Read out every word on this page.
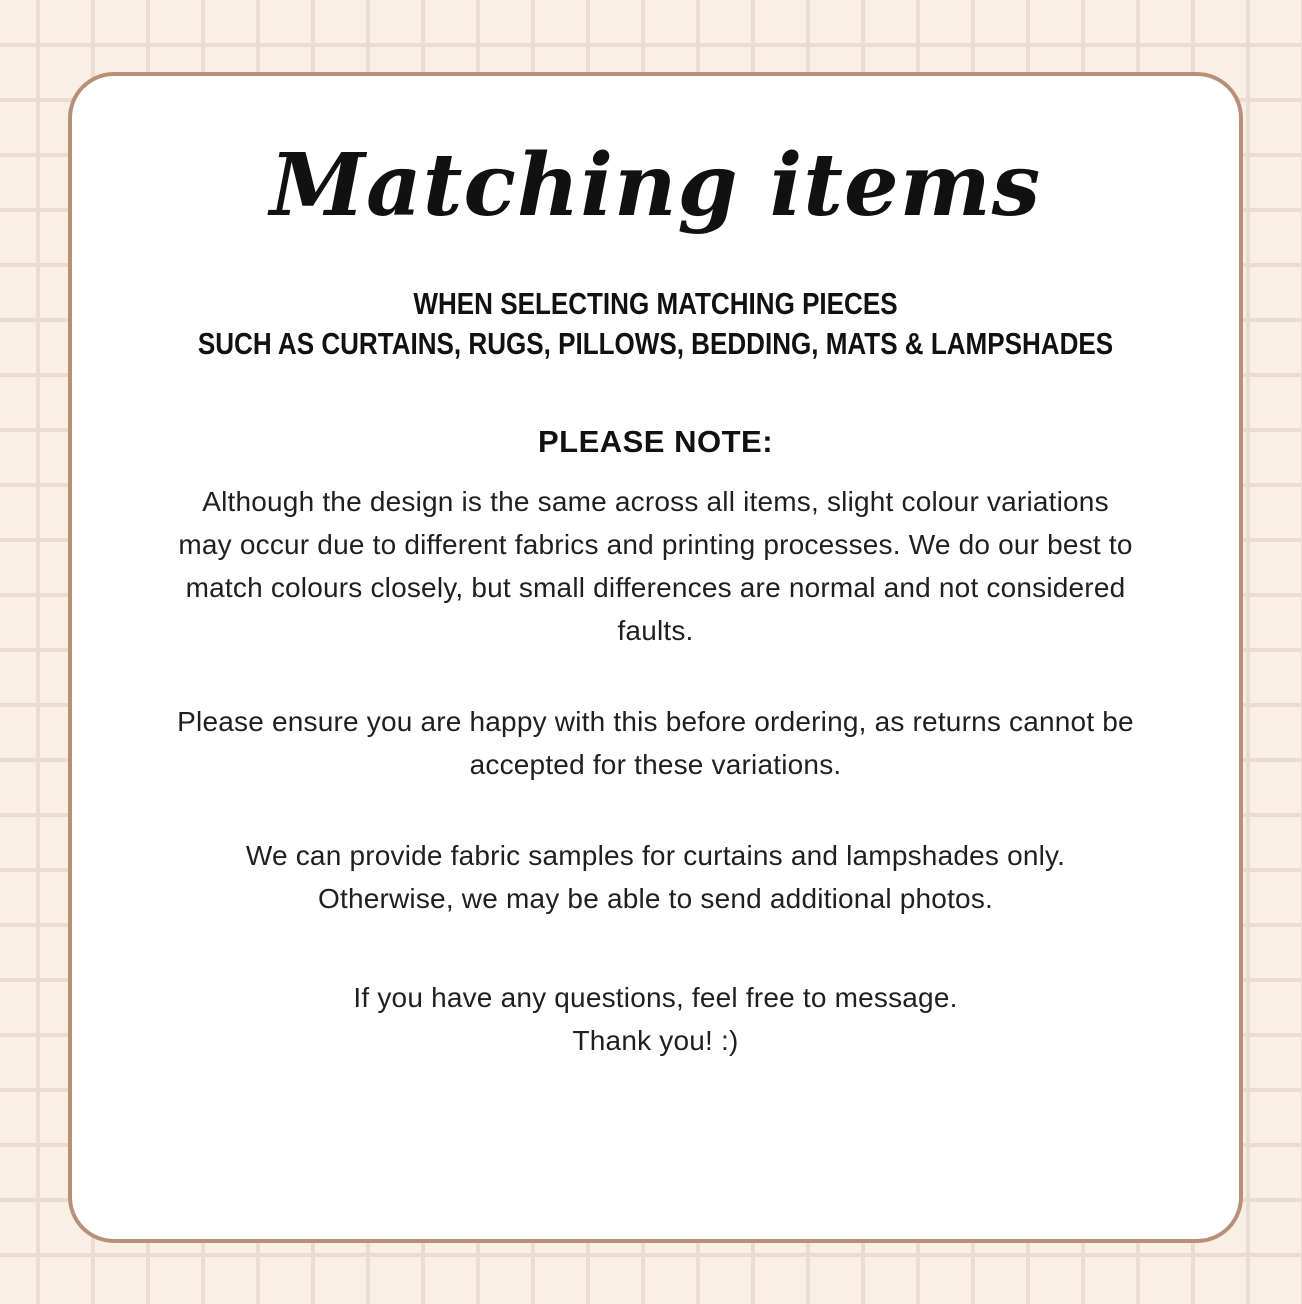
Matching items
WHEN SELECTING MATCHING PIECES
SUCH AS CURTAINS, RUGS, PILLOWS, BEDDING, MATS & LAMPSHADES
PLEASE NOTE:

Although the design is the same across all items, slight colour variations may occur due to different fabrics and printing processes. We do our best to match colours closely, but small differences are normal and not considered faults.

Please ensure you are happy with this before ordering, as returns cannot be accepted for these variations.

We can provide fabric samples for curtains and lampshades only. Otherwise, we may be able to send additional photos.

If you have any questions, feel free to message.
Thank you! :)
